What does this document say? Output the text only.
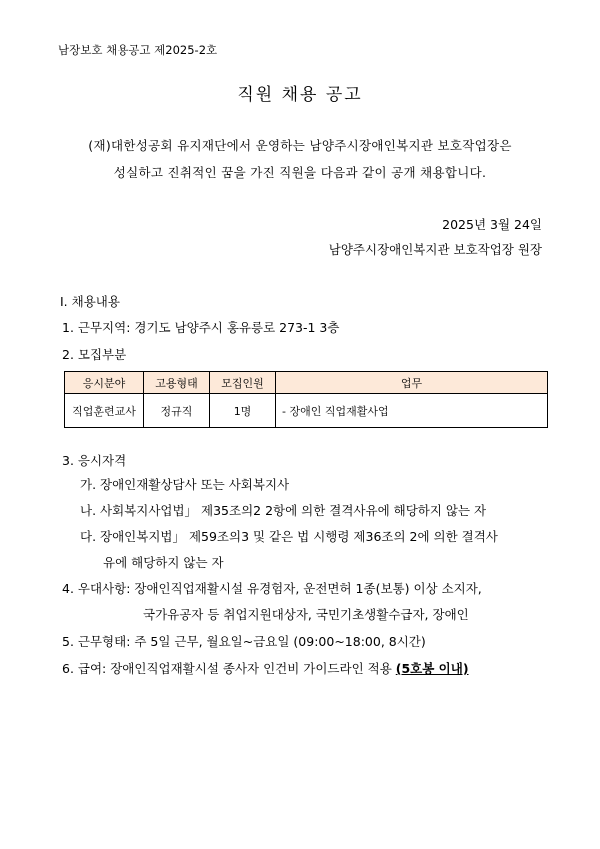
남장보호 채용공고 제2025-2호
직원 채용 공고
(재)대한성공회 유지재단에서 운영하는 남양주시장애인복지관 보호작업장은
성실하고 진취적인 꿈을 가진 직원을 다음과 같이 공개 채용합니다.
2025년 3월 24일
남양주시장애인복지관 보호작업장 원장
Ⅰ. 채용내용
1. 근무지역: 경기도 남양주시 홍유릉로 273-1 3층
2. 모집부분
응시분야	고용형태	모집인원	업무
직업훈련교사	정규직	1명	- 장애인 직업재활사업
3. 응시자격
가. 장애인재활상담사 또는 사회복지사
나. 사회복지사업법」 제35조의2 2항에 의한 결격사유에 해당하지 않는 자
다. 장애인복지법」 제59조의3 및 같은 법 시행령 제36조의 2에 의한 결격사
유에 해당하지 않는 자
4. 우대사항: 장애인직업재활시설 유경험자, 운전면허 1종(보통) 이상 소지자,
국가유공자 등 취업지원대상자, 국민기초생활수급자, 장애인
5. 근무형태: 주 5일 근무, 월요일~금요일 (09:00~18:00, 8시간)
6. 급여: 장애인직업재활시설 종사자 인건비 가이드라인 적용 (5호봉 이내)
